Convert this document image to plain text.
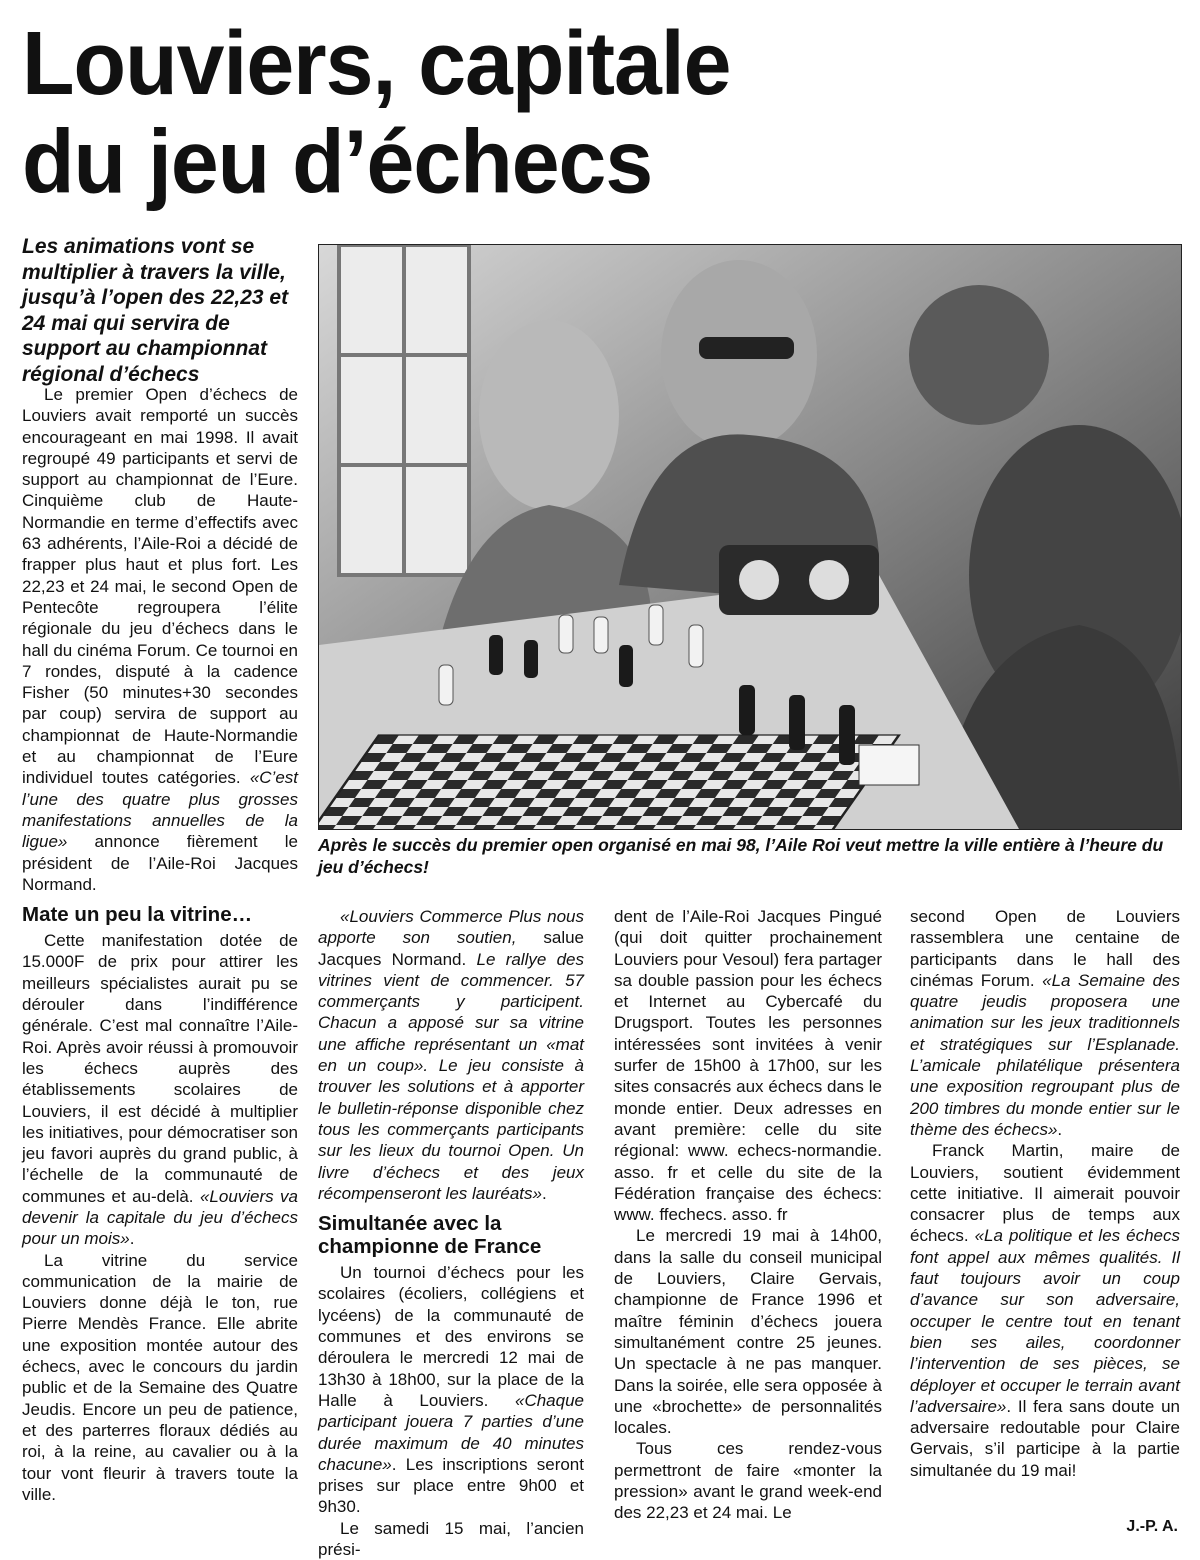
Louviers, capitale
du jeu d’échecs
Les animations vont se multiplier à travers la ville, jusqu’à l’open des 22,23 et 24 mai qui servira de support au championnat régional d’échecs
Après le succès du premier open organisé en mai 98, l’Aile Roi veut mettre la ville entière à l’heure du jeu d’échecs!

Le premier Open d’échecs de Louviers avait remporté un succès encourageant en mai 1998. Il avait regroupé 49 participants et servi de support au championnat de l’Eure. Cinquième club de Haute-Normandie en terme d’effectifs avec 63 adhérents, l’Aile-Roi a décidé de frapper plus haut et plus fort. Les 22,23 et 24 mai, le second Open de Pentecôte regroupera l’élite régionale du jeu d’échecs dans le hall du cinéma Forum. Ce tournoi en 7 rondes, disputé à la cadence Fisher (50 minutes+30 secondes par coup) servira de support au championnat de Haute-Normandie et au championnat de l’Eure individuel toutes catégories. «C’est l’une des quatre plus grosses manifestations annuelles de la ligue» annonce fièrement le président de l’Aile-Roi Jacques Normand.

Mate un peu la vitrine…

Cette manifestation dotée de 15.000F de prix pour attirer les meilleurs spécialistes aurait pu se dérouler dans l’indifférence générale. C’est mal connaître l’Aile-Roi. Après avoir réussi à promouvoir les échecs auprès des établissements scolaires de Louviers, il est décidé à multiplier les initiatives, pour démocratiser son jeu favori auprès du grand public, à l’échelle de la communauté de communes et au-delà. «Louviers va devenir la capitale du jeu d’échecs pour un mois».

La vitrine du service communication de la mairie de Louviers donne déjà le ton, rue Pierre Mendès France. Elle abrite une exposition montée autour des échecs, avec le concours du jardin public et de la Semaine des Quatre Jeudis. Encore un peu de patience, et des parterres floraux dédiés au roi, à la reine, au cavalier ou à la tour vont fleurir à travers toute la ville.

«Louviers Commerce Plus nous apporte son soutien, salue Jacques Normand. Le rallye des vitrines vient de commencer. 57 commerçants y participent. Chacun a apposé sur sa vitrine une affiche représentant un «mat en un coup». Le jeu consiste à trouver les solutions et à apporter le bulletin-réponse disponible chez tous les commerçants participants sur les lieux du tournoi Open. Un livre d’échecs et des jeux récompenseront les lauréats».

Simultanée avec la championne de France

Un tournoi d’échecs pour les scolaires (écoliers, collégiens et lycéens) de la communauté de communes et des environs se déroulera le mercredi 12 mai de 13h30 à 18h00, sur la place de la Halle à Louviers. «Chaque participant jouera 7 parties d’une durée maximum de 40 minutes chacune». Les inscriptions seront prises sur place entre 9h00 et 9h30.

Le samedi 15 mai, l’ancien prési-

dent de l’Aile-Roi Jacques Pingué (qui doit quitter prochainement Louviers pour Vesoul) fera partager sa double passion pour les échecs et Internet au Cybercafé du Drugsport. Toutes les personnes intéressées sont invitées à venir surfer de 15h00 à 17h00, sur les sites consacrés aux échecs dans le monde entier. Deux adresses en avant première: celle du site régional: www. echecs-normandie. asso. fr et celle du site de la Fédération française des échecs: www. ffechecs. asso. fr

Le mercredi 19 mai à 14h00, dans la salle du conseil municipal de Louviers, Claire Gervais, championne de France 1996 et maître féminin d’échecs jouera simultanément contre 25 jeunes. Un spectacle à ne pas manquer. Dans la soirée, elle sera opposée à une «brochette» de personnalités locales.

Tous ces rendez-vous permettront de faire «monter la pression» avant le grand week-end des 22,23 et 24 mai. Le

second Open de Louviers rassemblera une centaine de participants dans le hall des cinémas Forum. «La Semaine des quatre jeudis proposera une animation sur les jeux traditionnels et stratégiques sur l’Esplanade. L’amicale philatélique présentera une exposition regroupant plus de 200 timbres du monde entier sur le thème des échecs».

Franck Martin, maire de Louviers, soutient évidemment cette initiative. Il aimerait pouvoir consacrer plus de temps aux échecs. «La politique et les échecs font appel aux mêmes qualités. Il faut toujours avoir un coup d’avance sur son adversaire, occuper le centre tout en tenant bien ses ailes, coordonner l’intervention de ses pièces, se déployer et occuper le terrain avant l’adversaire». Il fera sans doute un adversaire redoutable pour Claire Gervais, s’il participe à la partie simultanée du 19 mai!

J.-P. A.
